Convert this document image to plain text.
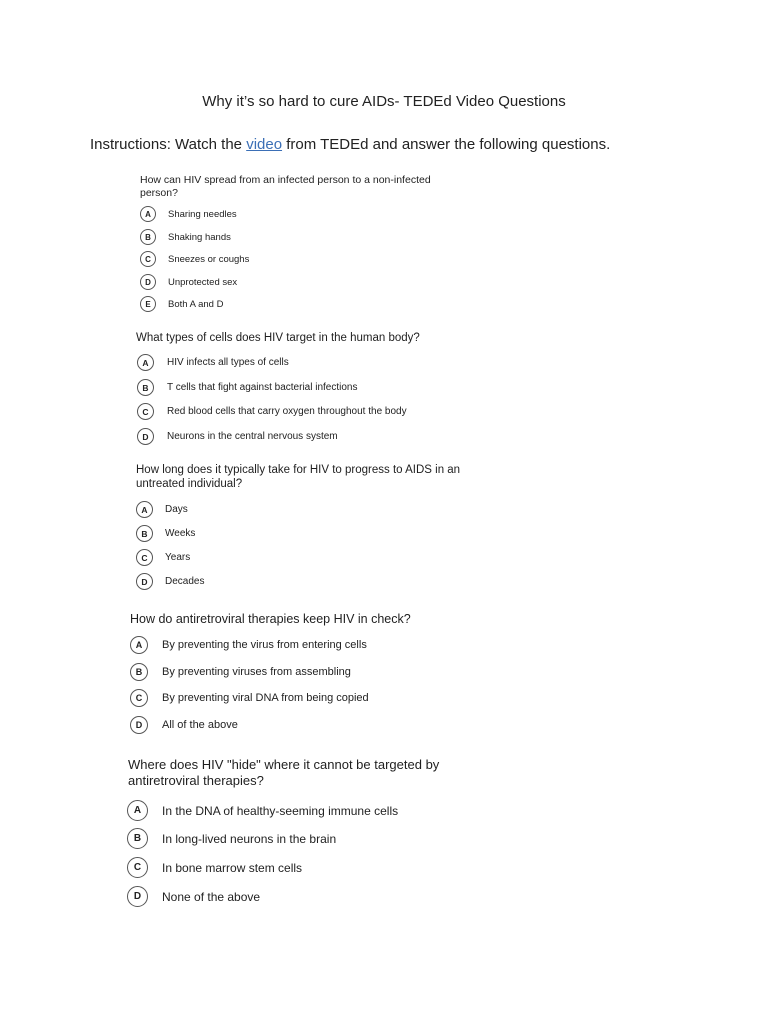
Why it’s so hard to cure AIDs- TEDEd Video Questions
Instructions: Watch the video from TEDEd and answer the following questions.
How can HIV spread from an infected person to a non-infected person?
A	Sharing needles
B	Shaking hands
C	Sneezes or coughs
D	Unprotected sex
E	Both A and D
What types of cells does HIV target in the human body?
A	HIV infects all types of cells
B	T cells that fight against bacterial infections
C	Red blood cells that carry oxygen throughout the body
D	Neurons in the central nervous system
How long does it typically take for HIV to progress to AIDS in an untreated individual?
A	Days
B	Weeks
C	Years
D	Decades
How do antiretroviral therapies keep HIV in check?
A	By preventing the virus from entering cells
B	By preventing viruses from assembling
C	By preventing viral DNA from being copied
D	All of the above
Where does HIV "hide" where it cannot be targeted by antiretroviral therapies?
A	In the DNA of healthy-seeming immune cells
B	In long-lived neurons in the brain
C	In bone marrow stem cells
D	None of the above
